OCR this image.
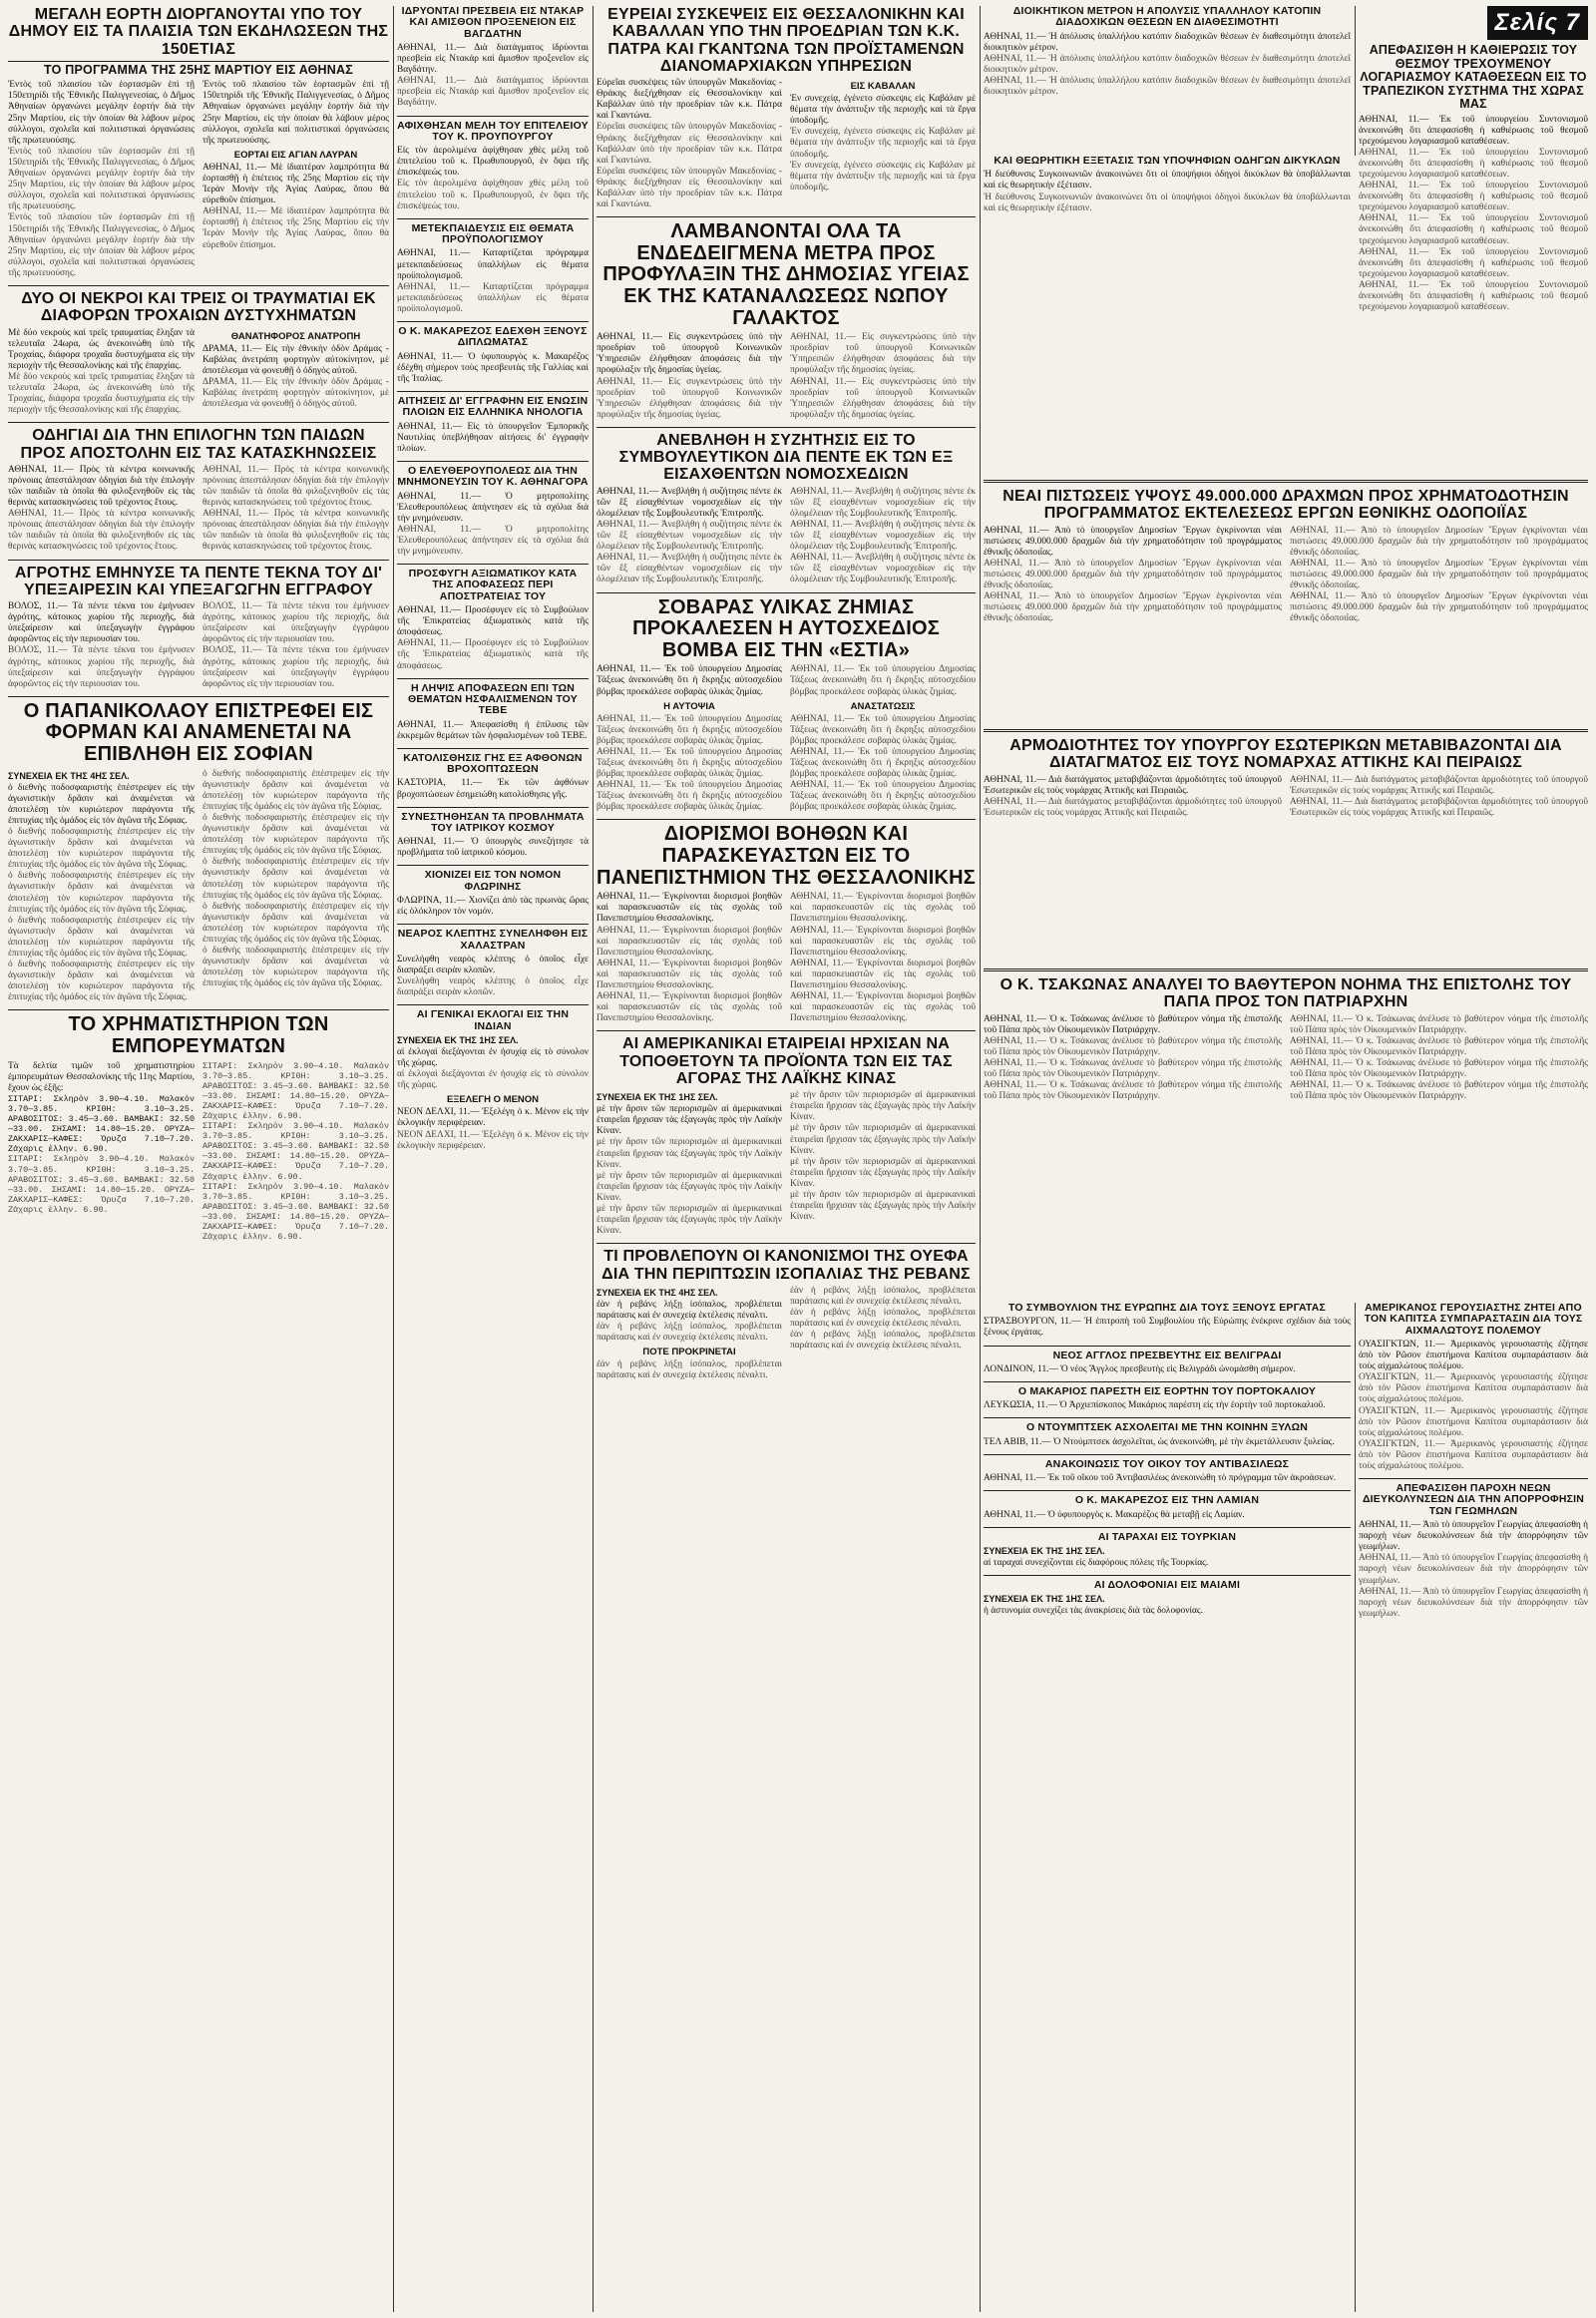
ΜΕΓΑΛΗ ΕΟΡΤΗ ΔΙΟΡΓΑΝΟΥΤΑΙ ΥΠΟ ΤΟΥ ΔΗΜΟΥ ΕΙΣ ΤΑ ΠΛΑΙΣΙΑ ΤΩΝ ΕΚΔΗΛΩΣΕΩΝ ΤΗΣ 150ΕΤΙΑΣ
ΤΟ ΠΡΟΓΡΑΜΜΑ ΤΗΣ 25ΗΣ ΜΑΡΤΙΟΥ ΕΙΣ ΑΘΗΝΑΣ

Ἐντὸς τοῦ πλαισίου τῶν ἑορτασμῶν ἐπὶ τῇ 150ετηρίδι τῆς Ἐθνικῆς Παλιγγενεσίας, ὁ Δῆμος Ἀθηναίων ὀργανώνει μεγάλην ἑορτήν διὰ τὴν 25ην Μαρτίου, εἰς τὴν ὁποίαν θὰ λάβουν μέρος σύλλογοι, σχολεῖα καὶ πολιτιστικαὶ ὀργανώσεις τῆς πρωτευούσης.

Ἐντὸς τοῦ πλαισίου τῶν ἑορτασμῶν ἐπὶ τῇ 150ετηρίδι τῆς Ἐθνικῆς Παλιγγενεσίας, ὁ Δῆμος Ἀθηναίων ὀργανώνει μεγάλην ἑορτήν διὰ τὴν 25ην Μαρτίου, εἰς τὴν ὁποίαν θὰ λάβουν μέρος σύλλογοι, σχολεῖα καὶ πολιτιστικαὶ ὀργανώσεις τῆς πρωτευούσης.

Ἐντὸς τοῦ πλαισίου τῶν ἑορτασμῶν ἐπὶ τῇ 150ετηρίδι τῆς Ἐθνικῆς Παλιγγενεσίας, ὁ Δῆμος Ἀθηναίων ὀργανώνει μεγάλην ἑορτήν διὰ τὴν 25ην Μαρτίου, εἰς τὴν ὁποίαν θὰ λάβουν μέρος σύλλογοι, σχολεῖα καὶ πολιτιστικαὶ ὀργανώσεις τῆς πρωτευούσης.

Ἐντὸς τοῦ πλαισίου τῶν ἑορτασμῶν ἐπὶ τῇ 150ετηρίδι τῆς Ἐθνικῆς Παλιγγενεσίας, ὁ Δῆμος Ἀθηναίων ὀργανώνει μεγάλην ἑορτήν διὰ τὴν 25ην Μαρτίου, εἰς τὴν ὁποίαν θὰ λάβουν μέρος σύλλογοι, σχολεῖα καὶ πολιτιστικαὶ ὀργανώσεις τῆς πρωτευούσης.

ΕΟΡΤΑΙ ΕΙΣ ΑΓΙΑΝ ΛΑΥΡΑΝ

ΑΘΗΝΑΙ, 11.— Μὲ ἰδιαιτέραν λαμπρότητα θὰ ἑορτασθῇ ἡ ἐπέτειος τῆς 25ης Μαρτίου εἰς τὴν Ἱερὰν Μονὴν τῆς Ἁγίας Λαύρας, ὅπου θὰ εὑρεθοῦν ἐπίσημοι.

ΑΘΗΝΑΙ, 11.— Μὲ ἰδιαιτέραν λαμπρότητα θὰ ἑορτασθῇ ἡ ἐπέτειος τῆς 25ης Μαρτίου εἰς τὴν Ἱερὰν Μονὴν τῆς Ἁγίας Λαύρας, ὅπου θὰ εὑρεθοῦν ἐπίσημοι.

ΔΥΟ ΟΙ ΝΕΚΡΟΙ ΚΑΙ ΤΡΕΙΣ ΟΙ ΤΡΑΥΜΑΤΙΑΙ ΕΚ ΔΙΑΦΟΡΩΝ ΤΡΟΧΑΙΩΝ ΔΥΣΤΥΧΗΜΑΤΩΝ

Μὲ δύο νεκροὺς καὶ τρεῖς τραυματίας ἔληξαν τὰ τελευταῖα 24ωρα, ὡς ἀνεκοινώθη ὑπὸ τῆς Τροχαίας, διάφορα τροχαῖα δυστυχήματα εἰς τὴν περιοχὴν τῆς Θεσσαλονίκης καὶ τῆς ἐπαρχίας.

Μὲ δύο νεκροὺς καὶ τρεῖς τραυματίας ἔληξαν τὰ τελευταῖα 24ωρα, ὡς ἀνεκοινώθη ὑπὸ τῆς Τροχαίας, διάφορα τροχαῖα δυστυχήματα εἰς τὴν περιοχὴν τῆς Θεσσαλονίκης καὶ τῆς ἐπαρχίας.

ΘΑΝΑΤΗΦΟΡΟΣ ΑΝΑΤΡΟΠΗ

ΔΡΑΜΑ, 11.— Εἰς τὴν ἐθνικὴν ὁδὸν Δράμας - Καβάλας ἀνετράπη φορτηγὸν αὐτοκίνητον, μὲ ἀποτέλεσμα νὰ φονευθῇ ὁ ὁδηγὸς αὐτοῦ.

ΔΡΑΜΑ, 11.— Εἰς τὴν ἐθνικὴν ὁδὸν Δράμας - Καβάλας ἀνετράπη φορτηγὸν αὐτοκίνητον, μὲ ἀποτέλεσμα νὰ φονευθῇ ὁ ὁδηγὸς αὐτοῦ.

ΟΔΗΓΙΑΙ ΔΙΑ ΤΗΝ ΕΠΙΛΟΓΗΝ ΤΩΝ ΠΑΙΔΩΝ ΠΡΟΣ ΑΠΟΣΤΟΛΗΝ ΕΙΣ ΤΑΣ ΚΑΤΑΣΚΗΝΩΣΕΙΣ

ΑΘΗΝΑΙ, 11.— Πρὸς τὰ κέντρα κοινωνικῆς πρόνοιας ἀπεστάλησαν ὁδηγίαι διὰ τὴν ἐπιλογὴν τῶν παιδιῶν τὰ ὁποῖα θὰ φιλοξενηθοῦν εἰς τὰς θερινὰς κατασκηνώσεις τοῦ τρέχοντος ἔτους.

ΑΘΗΝΑΙ, 11.— Πρὸς τὰ κέντρα κοινωνικῆς πρόνοιας ἀπεστάλησαν ὁδηγίαι διὰ τὴν ἐπιλογὴν τῶν παιδιῶν τὰ ὁποῖα θὰ φιλοξενηθοῦν εἰς τὰς θερινὰς κατασκηνώσεις τοῦ τρέχοντος ἔτους.

ΑΘΗΝΑΙ, 11.— Πρὸς τὰ κέντρα κοινωνικῆς πρόνοιας ἀπεστάλησαν ὁδηγίαι διὰ τὴν ἐπιλογὴν τῶν παιδιῶν τὰ ὁποῖα θὰ φιλοξενηθοῦν εἰς τὰς θερινὰς κατασκηνώσεις τοῦ τρέχοντος ἔτους.

ΑΘΗΝΑΙ, 11.— Πρὸς τὰ κέντρα κοινωνικῆς πρόνοιας ἀπεστάλησαν ὁδηγίαι διὰ τὴν ἐπιλογὴν τῶν παιδιῶν τὰ ὁποῖα θὰ φιλοξενηθοῦν εἰς τὰς θερινὰς κατασκηνώσεις τοῦ τρέχοντος ἔτους.

ΑΓΡΟΤΗΣ ΕΜΗΝΥΣΕ ΤΑ ΠΕΝΤΕ ΤΕΚΝΑ ΤΟΥ ΔΙ' ΥΠΕΞΑΙΡΕΣΙΝ ΚΑΙ ΥΠΕΞΑΓΩΓΗΝ ΕΓΓΡΑΦΟΥ

ΒΟΛΟΣ, 11.— Τὰ πέντε τέκνα του ἐμήνυσεν ἀγρότης, κάτοικος χωρίου τῆς περιοχῆς, διὰ ὑπεξαίρεσιν καὶ ὑπεξαγωγὴν ἐγγράφου ἀφορῶντος εἰς τὴν περιουσίαν του.

ΒΟΛΟΣ, 11.— Τὰ πέντε τέκνα του ἐμήνυσεν ἀγρότης, κάτοικος χωρίου τῆς περιοχῆς, διὰ ὑπεξαίρεσιν καὶ ὑπεξαγωγὴν ἐγγράφου ἀφορῶντος εἰς τὴν περιουσίαν του.

ΒΟΛΟΣ, 11.— Τὰ πέντε τέκνα του ἐμήνυσεν ἀγρότης, κάτοικος χωρίου τῆς περιοχῆς, διὰ ὑπεξαίρεσιν καὶ ὑπεξαγωγὴν ἐγγράφου ἀφορῶντος εἰς τὴν περιουσίαν του.

ΒΟΛΟΣ, 11.— Τὰ πέντε τέκνα του ἐμήνυσεν ἀγρότης, κάτοικος χωρίου τῆς περιοχῆς, διὰ ὑπεξαίρεσιν καὶ ὑπεξαγωγὴν ἐγγράφου ἀφορῶντος εἰς τὴν περιουσίαν του.

Ο ΠΑΠΑΝΙΚΟΛΑΟΥ ΕΠΙΣΤΡΕΦΕΙ ΕΙΣ ΦΟΡΜΑΝ ΚΑΙ ΑΝΑΜΕΝΕΤΑΙ ΝΑ ΕΠΙΒΛΗΘΗ ΕΙΣ ΣΟΦΙΑΝ
ΣΥΝΕΧΕΙΑ ΕΚ ΤΗΣ 4ΗΣ ΣΕΛ.

ὁ διεθνὴς ποδοσφαιριστὴς ἐπέστρεψεν εἰς τὴν ἀγωνιστικὴν δρᾶσιν καὶ ἀναμένεται νὰ ἀποτελέσῃ τὸν κυριώτερον παράγοντα τῆς ἐπιτυχίας τῆς ὁμάδος εἰς τὸν ἀγῶνα τῆς Σόφιας.

ὁ διεθνὴς ποδοσφαιριστὴς ἐπέστρεψεν εἰς τὴν ἀγωνιστικὴν δρᾶσιν καὶ ἀναμένεται νὰ ἀποτελέσῃ τὸν κυριώτερον παράγοντα τῆς ἐπιτυχίας τῆς ὁμάδος εἰς τὸν ἀγῶνα τῆς Σόφιας.

ὁ διεθνὴς ποδοσφαιριστὴς ἐπέστρεψεν εἰς τὴν ἀγωνιστικὴν δρᾶσιν καὶ ἀναμένεται νὰ ἀποτελέσῃ τὸν κυριώτερον παράγοντα τῆς ἐπιτυχίας τῆς ὁμάδος εἰς τὸν ἀγῶνα τῆς Σόφιας.

ὁ διεθνὴς ποδοσφαιριστὴς ἐπέστρεψεν εἰς τὴν ἀγωνιστικὴν δρᾶσιν καὶ ἀναμένεται νὰ ἀποτελέσῃ τὸν κυριώτερον παράγοντα τῆς ἐπιτυχίας τῆς ὁμάδος εἰς τὸν ἀγῶνα τῆς Σόφιας.

ὁ διεθνὴς ποδοσφαιριστὴς ἐπέστρεψεν εἰς τὴν ἀγωνιστικὴν δρᾶσιν καὶ ἀναμένεται νὰ ἀποτελέσῃ τὸν κυριώτερον παράγοντα τῆς ἐπιτυχίας τῆς ὁμάδος εἰς τὸν ἀγῶνα τῆς Σόφιας.

ὁ διεθνὴς ποδοσφαιριστὴς ἐπέστρεψεν εἰς τὴν ἀγωνιστικὴν δρᾶσιν καὶ ἀναμένεται νὰ ἀποτελέσῃ τὸν κυριώτερον παράγοντα τῆς ἐπιτυχίας τῆς ὁμάδος εἰς τὸν ἀγῶνα τῆς Σόφιας.

ὁ διεθνὴς ποδοσφαιριστὴς ἐπέστρεψεν εἰς τὴν ἀγωνιστικὴν δρᾶσιν καὶ ἀναμένεται νὰ ἀποτελέσῃ τὸν κυριώτερον παράγοντα τῆς ἐπιτυχίας τῆς ὁμάδος εἰς τὸν ἀγῶνα τῆς Σόφιας.

ὁ διεθνὴς ποδοσφαιριστὴς ἐπέστρεψεν εἰς τὴν ἀγωνιστικὴν δρᾶσιν καὶ ἀναμένεται νὰ ἀποτελέσῃ τὸν κυριώτερον παράγοντα τῆς ἐπιτυχίας τῆς ὁμάδος εἰς τὸν ἀγῶνα τῆς Σόφιας.

ὁ διεθνὴς ποδοσφαιριστὴς ἐπέστρεψεν εἰς τὴν ἀγωνιστικὴν δρᾶσιν καὶ ἀναμένεται νὰ ἀποτελέσῃ τὸν κυριώτερον παράγοντα τῆς ἐπιτυχίας τῆς ὁμάδος εἰς τὸν ἀγῶνα τῆς Σόφιας.

ὁ διεθνὴς ποδοσφαιριστὴς ἐπέστρεψεν εἰς τὴν ἀγωνιστικὴν δρᾶσιν καὶ ἀναμένεται νὰ ἀποτελέσῃ τὸν κυριώτερον παράγοντα τῆς ἐπιτυχίας τῆς ὁμάδος εἰς τὸν ἀγῶνα τῆς Σόφιας.

ΤΟ ΧΡΗΜΑΤΙΣΤΗΡΙΟΝ ΤΩΝ ΕΜΠΟΡΕΥΜΑΤΩΝ

Τὰ δελτία τιμῶν τοῦ χρηματιστηρίου ἐμπορευμάτων Θεσσαλονίκης τῆς 11ης Μαρτίου, ἔχουν ὡς ἑξῆς:

ΣΙΤΑΡΙ: Σκληρὸν 3.90—4.10. Μαλακὸν 3.70—3.85. ΚΡΙΘΗ: 3.10—3.25. ΑΡΑΒΟΣΙΤΟΣ: 3.45—3.60. ΒΑΜΒΑΚΙ: 32.50—33.00. ΣΗΣΑΜΙ: 14.80—15.20. ΟΡΥΖΑ—ΖΑΚΧΑΡΙΣ—ΚΑΦΕΣ: Ὁρυζα 7.10—7.20. Ζάχαρις ἑλλην. 6.90.

ΣΙΤΑΡΙ: Σκληρὸν 3.90—4.10. Μαλακὸν 3.70—3.85. ΚΡΙΘΗ: 3.10—3.25. ΑΡΑΒΟΣΙΤΟΣ: 3.45—3.60. ΒΑΜΒΑΚΙ: 32.50—33.00. ΣΗΣΑΜΙ: 14.80—15.20. ΟΡΥΖΑ—ΖΑΚΧΑΡΙΣ—ΚΑΦΕΣ: Ὁρυζα 7.10—7.20. Ζάχαρις ἑλλην. 6.90.

ΣΙΤΑΡΙ: Σκληρὸν 3.90—4.10. Μαλακὸν 3.70—3.85. ΚΡΙΘΗ: 3.10—3.25. ΑΡΑΒΟΣΙΤΟΣ: 3.45—3.60. ΒΑΜΒΑΚΙ: 32.50—33.00. ΣΗΣΑΜΙ: 14.80—15.20. ΟΡΥΖΑ—ΖΑΚΧΑΡΙΣ—ΚΑΦΕΣ: Ὁρυζα 7.10—7.20. Ζάχαρις ἑλλην. 6.90.

ΣΙΤΑΡΙ: Σκληρὸν 3.90—4.10. Μαλακὸν 3.70—3.85. ΚΡΙΘΗ: 3.10—3.25. ΑΡΑΒΟΣΙΤΟΣ: 3.45—3.60. ΒΑΜΒΑΚΙ: 32.50—33.00. ΣΗΣΑΜΙ: 14.80—15.20. ΟΡΥΖΑ—ΖΑΚΧΑΡΙΣ—ΚΑΦΕΣ: Ὁρυζα 7.10—7.20. Ζάχαρις ἑλλην. 6.90.

ΣΙΤΑΡΙ: Σκληρὸν 3.90—4.10. Μαλακὸν 3.70—3.85. ΚΡΙΘΗ: 3.10—3.25. ΑΡΑΒΟΣΙΤΟΣ: 3.45—3.60. ΒΑΜΒΑΚΙ: 32.50—33.00. ΣΗΣΑΜΙ: 14.80—15.20. ΟΡΥΖΑ—ΖΑΚΧΑΡΙΣ—ΚΑΦΕΣ: Ὁρυζα 7.10—7.20. Ζάχαρις ἑλλην. 6.90.

ΙΔΡΥΟΝΤΑΙ ΠΡΕΣΒΕΙΑ ΕΙΣ ΝΤΑΚΑΡ ΚΑΙ ΑΜΙΣΘΟΝ ΠΡΟΞΕΝΕΙΟΝ ΕΙΣ ΒΑΓΔΑΤΗΝ

ΑΘΗΝΑΙ, 11.— Διὰ διατάγματος ἱδρύονται πρεσβεία εἰς Ντακάρ καὶ ἄμισθον προξενεῖον εἰς Βαγδάτην.

ΑΘΗΝΑΙ, 11.— Διὰ διατάγματος ἱδρύονται πρεσβεία εἰς Ντακάρ καὶ ἄμισθον προξενεῖον εἰς Βαγδάτην.

ΑΦΙΧΘΗΣΑΝ ΜΕΛΗ ΤΟΥ ΕΠΙΤΕΛΕΙΟΥ ΤΟΥ Κ. ΠΡΟΥΠΟΥΡΓΟΥ

Εἰς τὸν ἀερολιμένα ἀφίχθησαν χθὲς μέλη τοῦ ἐπιτελείου τοῦ κ. Πρωθυπουργοῦ, ἐν ὄψει τῆς ἐπισκέψεώς του.

Εἰς τὸν ἀερολιμένα ἀφίχθησαν χθὲς μέλη τοῦ ἐπιτελείου τοῦ κ. Πρωθυπουργοῦ, ἐν ὄψει τῆς ἐπισκέψεώς του.

ΜΕΤΕΚΠΑΙΔΕΥΣΙΣ ΕΙΣ ΘΕΜΑΤΑ ΠΡΟΫΠΟΛΟΓΙΣΜΟΥ

ΑΘΗΝΑΙ, 11.— Καταρτίζεται πρόγραμμα μετεκπαιδεύσεως ὑπαλλήλων εἰς θέματα προϋπολογισμοῦ.

ΑΘΗΝΑΙ, 11.— Καταρτίζεται πρόγραμμα μετεκπαιδεύσεως ὑπαλλήλων εἰς θέματα προϋπολογισμοῦ.

Ο Κ. ΜΑΚΑΡΕΖΟΣ ΕΔΕΧΘΗ ΞΕΝΟΥΣ ΔΙΠΛΩΜΑΤΑΣ

ΑΘΗΝΑΙ, 11.— Ὁ ὑφυπουργὸς κ. Μακαρέζος ἐδέχθη σήμερον τοὺς πρεσβευτὰς τῆς Γαλλίας καὶ τῆς Ἰταλίας.

ΑΙΤΗΣΕΙΣ ΔΙ' ΕΓΓΡΑΦΗΝ ΕΙΣ ΕΝΩΣΙΝ ΠΛΟΙΩΝ ΕΙΣ ΕΛΛΗΝΙΚΑ ΝΗΟΛΟΓΙΑ

ΑΘΗΝΑΙ, 11.— Εἰς τὸ ὑπουργεῖον Ἐμπορικῆς Ναυτιλίας ὑπεβλήθησαν αἰτήσεις δι' ἐγγραφὴν πλοίων.

Ο ΕΛΕΥΘΕΡΟΥΠΟΛΕΩΣ ΔΙΑ ΤΗΝ ΜΝΗΜΟΝΕΥΣΙΝ ΤΟΥ Κ. ΑΘΗΝΑΓΟΡΑ

ΑΘΗΝΑΙ, 11.— Ὁ μητροπολίτης Ἐλευθερουπόλεως ἀπήντησεν εἰς τὰ σχόλια διὰ τὴν μνημόνευσιν.

ΑΘΗΝΑΙ, 11.— Ὁ μητροπολίτης Ἐλευθερουπόλεως ἀπήντησεν εἰς τὰ σχόλια διὰ τὴν μνημόνευσιν.

ΠΡΟΣΦΥΓΗ ΑΞΙΩΜΑΤΙΚΟΥ ΚΑΤΑ ΤΗΣ ΑΠΟΦΑΣΕΩΣ ΠΕΡΙ ΑΠΟΣΤΡΑΤΕΙΑΣ ΤΟΥ

ΑΘΗΝΑΙ, 11.— Προσέφυγεν εἰς τὸ Συμβούλιον τῆς Ἐπικρατείας ἀξιωματικὸς κατὰ τῆς ἀποφάσεως.

ΑΘΗΝΑΙ, 11.— Προσέφυγεν εἰς τὸ Συμβούλιον τῆς Ἐπικρατείας ἀξιωματικὸς κατὰ τῆς ἀποφάσεως.

Η ΛΗΨΙΣ ΑΠΟΦΑΣΕΩΝ ΕΠΙ ΤΩΝ ΘΕΜΑΤΩΝ ΗΣΦΑΛΙΣΜΕΝΩΝ ΤΟΥ ΤΕΒΕ

ΑΘΗΝΑΙ, 11.— Ἀπεφασίσθη ἡ ἐπίλυσις τῶν ἐκκρεμῶν θεμάτων τῶν ἠσφαλισμένων τοῦ ΤΕΒΕ.

ΚΑΤΟΛΙΣΘΗΣΙΣ ΓΗΣ ΕΞ ΑΦΘΟΝΩΝ ΒΡΟΧΟΠΤΩΣΕΩΝ

ΚΑΣΤΟΡΙΑ, 11.— Ἐκ τῶν ἀφθόνων βροχοπτώσεων ἐσημειώθη κατολίσθησις γῆς.

ΣΥΝΕΣΤΗΘΗΣΑΝ ΤΑ ΠΡΟΒΛΗΜΑΤΑ ΤΟΥ ΙΑΤΡΙΚΟΥ ΚΟΣΜΟΥ

ΑΘΗΝΑΙ, 11.— Ὁ ὑπουργὸς συνεζήτησε τὰ προβλήματα τοῦ ἰατρικοῦ κόσμου.

ΧΙΟΝΙΖΕΙ ΕΙΣ ΤΟΝ ΝΟΜΟΝ ΦΛΩΡΙΝΗΣ

ΦΛΩΡΙΝΑ, 11.— Χιονίζει ἀπὸ τὰς πρωινὰς ὥρας εἰς ὁλόκληρον τὸν νομόν.

ΝΕΑΡΟΣ ΚΛΕΠΤΗΣ ΣΥΝΕΛΗΦΘΗ ΕΙΣ ΧΑΛΑΣΤΡΑΝ

Συνελήφθη νεαρὸς κλέπτης ὁ ὁποῖος εἶχε διαπράξει σειρὰν κλοπῶν.

Συνελήφθη νεαρὸς κλέπτης ὁ ὁποῖος εἶχε διαπράξει σειρὰν κλοπῶν.

ΑΙ ΓΕΝΙΚΑΙ ΕΚΛΟΓΑΙ ΕΙΣ ΤΗΝ ΙΝΔΙΑΝ
ΣΥΝΕΧΕΙΑ ΕΚ ΤΗΣ 1ΗΣ ΣΕΛ.

αἱ ἐκλογαὶ διεξάγονται ἐν ἡσυχίᾳ εἰς τὸ σύνολον τῆς χώρας.

αἱ ἐκλογαὶ διεξάγονται ἐν ἡσυχίᾳ εἰς τὸ σύνολον τῆς χώρας.

ΕΞΕΛΕΓΗ Ο ΜΕΝΟΝ

ΝΕΟΝ ΔΕΛΧΙ, 11.— Ἐξελέγη ὁ κ. Μένον εἰς τὴν ἐκλογικὴν περιφέρειαν.

ΝΕΟΝ ΔΕΛΧΙ, 11.— Ἐξελέγη ὁ κ. Μένον εἰς τὴν ἐκλογικὴν περιφέρειαν.

ΕΥΡΕΙΑΙ ΣΥΣΚΕΨΕΙΣ ΕΙΣ ΘΕΣΣΑΛΟΝΙΚΗΝ ΚΑΙ ΚΑΒΑΛΛΑΝ ΥΠΟ ΤΗΝ ΠΡΟΕΔΡΙΑΝ ΤΩΝ Κ.Κ. ΠΑΤΡΑ ΚΑΙ ΓΚΑΝΤΩΝΑ ΤΩΝ ΠΡΟΪΣΤΑΜΕΝΩΝ ΔΙΑΝΟΜΑΡΧΙΑΚΩΝ ΥΠΗΡΕΣΙΩΝ

Εὐρεῖαι συσκέψεις τῶν ὑπουργῶν Μακεδονίας - Θράκης διεξήχθησαν εἰς Θεσσαλονίκην καὶ Καβάλλαν ὑπὸ τὴν προεδρίαν τῶν κ.κ. Πάτρα καὶ Γκαντώνα.

Εὐρεῖαι συσκέψεις τῶν ὑπουργῶν Μακεδονίας - Θράκης διεξήχθησαν εἰς Θεσσαλονίκην καὶ Καβάλλαν ὑπὸ τὴν προεδρίαν τῶν κ.κ. Πάτρα καὶ Γκαντώνα.

Εὐρεῖαι συσκέψεις τῶν ὑπουργῶν Μακεδονίας - Θράκης διεξήχθησαν εἰς Θεσσαλονίκην καὶ Καβάλλαν ὑπὸ τὴν προεδρίαν τῶν κ.κ. Πάτρα καὶ Γκαντώνα.

ΕΙΣ ΚΑΒΑΛΑΝ

Ἐν συνεχείᾳ, ἐγένετο σύσκεψις εἰς Καβάλαν μὲ θέματα τὴν ἀνάπτυξιν τῆς περιοχῆς καὶ τὰ ἔργα ὑποδομῆς.

Ἐν συνεχείᾳ, ἐγένετο σύσκεψις εἰς Καβάλαν μὲ θέματα τὴν ἀνάπτυξιν τῆς περιοχῆς καὶ τὰ ἔργα ὑποδομῆς.

Ἐν συνεχείᾳ, ἐγένετο σύσκεψις εἰς Καβάλαν μὲ θέματα τὴν ἀνάπτυξιν τῆς περιοχῆς καὶ τὰ ἔργα ὑποδομῆς.

ΛΑΜΒΑΝΟΝΤΑΙ ΟΛΑ ΤΑ ΕΝΔΕΔΕΙΓΜΕΝΑ ΜΕΤΡΑ ΠΡΟΣ ΠΡΟΦΥΛΑΞΙΝ ΤΗΣ ΔΗΜΟΣΙΑΣ ΥΓΕΙΑΣ ΕΚ ΤΗΣ ΚΑΤΑΝΑΛΩΣΕΩΣ ΝΩΠΟΥ ΓΑΛΑΚΤΟΣ

ΑΘΗΝΑΙ, 11.— Εἰς συγκεντρώσεις ὑπὸ τὴν προεδρίαν τοῦ ὑπουργοῦ Κοινωνικῶν Ὑπηρεσιῶν ἐλήφθησαν ἀποφάσεις διὰ τὴν προφύλαξιν τῆς δημοσίας ὑγείας.

ΑΘΗΝΑΙ, 11.— Εἰς συγκεντρώσεις ὑπὸ τὴν προεδρίαν τοῦ ὑπουργοῦ Κοινωνικῶν Ὑπηρεσιῶν ἐλήφθησαν ἀποφάσεις διὰ τὴν προφύλαξιν τῆς δημοσίας ὑγείας.

ΑΘΗΝΑΙ, 11.— Εἰς συγκεντρώσεις ὑπὸ τὴν προεδρίαν τοῦ ὑπουργοῦ Κοινωνικῶν Ὑπηρεσιῶν ἐλήφθησαν ἀποφάσεις διὰ τὴν προφύλαξιν τῆς δημοσίας ὑγείας.

ΑΘΗΝΑΙ, 11.— Εἰς συγκεντρώσεις ὑπὸ τὴν προεδρίαν τοῦ ὑπουργοῦ Κοινωνικῶν Ὑπηρεσιῶν ἐλήφθησαν ἀποφάσεις διὰ τὴν προφύλαξιν τῆς δημοσίας ὑγείας.

ΑΝΕΒΛΗΘΗ Η ΣΥΖΗΤΗΣΙΣ ΕΙΣ ΤΟ ΣΥΜΒΟΥΛΕΥΤΙΚΟΝ ΔΙΑ ΠΕΝΤΕ ΕΚ ΤΩΝ ΕΞ ΕΙΣΑΧΘΕΝΤΩΝ ΝΟΜΟΣΧΕΔΙΩΝ

ΑΘΗΝΑΙ, 11.— Ἀνεβλήθη ἡ συζήτησις πέντε ἐκ τῶν ἓξ εἰσαχθέντων νομοσχεδίων εἰς τὴν ὁλομέλειαν τῆς Συμβουλευτικῆς Ἐπιτροπῆς.

ΑΘΗΝΑΙ, 11.— Ἀνεβλήθη ἡ συζήτησις πέντε ἐκ τῶν ἓξ εἰσαχθέντων νομοσχεδίων εἰς τὴν ὁλομέλειαν τῆς Συμβουλευτικῆς Ἐπιτροπῆς.

ΑΘΗΝΑΙ, 11.— Ἀνεβλήθη ἡ συζήτησις πέντε ἐκ τῶν ἓξ εἰσαχθέντων νομοσχεδίων εἰς τὴν ὁλομέλειαν τῆς Συμβουλευτικῆς Ἐπιτροπῆς.

ΑΘΗΝΑΙ, 11.— Ἀνεβλήθη ἡ συζήτησις πέντε ἐκ τῶν ἓξ εἰσαχθέντων νομοσχεδίων εἰς τὴν ὁλομέλειαν τῆς Συμβουλευτικῆς Ἐπιτροπῆς.

ΑΘΗΝΑΙ, 11.— Ἀνεβλήθη ἡ συζήτησις πέντε ἐκ τῶν ἓξ εἰσαχθέντων νομοσχεδίων εἰς τὴν ὁλομέλειαν τῆς Συμβουλευτικῆς Ἐπιτροπῆς.

ΑΘΗΝΑΙ, 11.— Ἀνεβλήθη ἡ συζήτησις πέντε ἐκ τῶν ἓξ εἰσαχθέντων νομοσχεδίων εἰς τὴν ὁλομέλειαν τῆς Συμβουλευτικῆς Ἐπιτροπῆς.

ΣΟΒΑΡΑΣ ΥΛΙΚΑΣ ΖΗΜΙΑΣ ΠΡΟΚΑΛΕΣΕΝ Η ΑΥΤΟΣΧΕΔΙΟΣ ΒΟΜΒΑ ΕΙΣ ΤΗΝ «ΕΣΤΙΑ»

ΑΘΗΝΑΙ, 11.— Ἐκ τοῦ ὑπουργείου Δημοσίας Τάξεως ἀνεκοινώθη ὅτι ἡ ἔκρηξις αὐτοσχεδίου βόμβας προεκάλεσε σοβαρὰς ὑλικὰς ζημίας.

Η ΑΥΤΟΨΙΑ

ΑΘΗΝΑΙ, 11.— Ἐκ τοῦ ὑπουργείου Δημοσίας Τάξεως ἀνεκοινώθη ὅτι ἡ ἔκρηξις αὐτοσχεδίου βόμβας προεκάλεσε σοβαρὰς ὑλικὰς ζημίας.

ΑΘΗΝΑΙ, 11.— Ἐκ τοῦ ὑπουργείου Δημοσίας Τάξεως ἀνεκοινώθη ὅτι ἡ ἔκρηξις αὐτοσχεδίου βόμβας προεκάλεσε σοβαρὰς ὑλικὰς ζημίας.

ΑΘΗΝΑΙ, 11.— Ἐκ τοῦ ὑπουργείου Δημοσίας Τάξεως ἀνεκοινώθη ὅτι ἡ ἔκρηξις αὐτοσχεδίου βόμβας προεκάλεσε σοβαρὰς ὑλικὰς ζημίας.

ΑΘΗΝΑΙ, 11.— Ἐκ τοῦ ὑπουργείου Δημοσίας Τάξεως ἀνεκοινώθη ὅτι ἡ ἔκρηξις αὐτοσχεδίου βόμβας προεκάλεσε σοβαρὰς ὑλικὰς ζημίας.

ΑΝΑΣΤΑΤΩΣΙΣ

ΑΘΗΝΑΙ, 11.— Ἐκ τοῦ ὑπουργείου Δημοσίας Τάξεως ἀνεκοινώθη ὅτι ἡ ἔκρηξις αὐτοσχεδίου βόμβας προεκάλεσε σοβαρὰς ὑλικὰς ζημίας.

ΑΘΗΝΑΙ, 11.— Ἐκ τοῦ ὑπουργείου Δημοσίας Τάξεως ἀνεκοινώθη ὅτι ἡ ἔκρηξις αὐτοσχεδίου βόμβας προεκάλεσε σοβαρὰς ὑλικὰς ζημίας.

ΑΘΗΝΑΙ, 11.— Ἐκ τοῦ ὑπουργείου Δημοσίας Τάξεως ἀνεκοινώθη ὅτι ἡ ἔκρηξις αὐτοσχεδίου βόμβας προεκάλεσε σοβαρὰς ὑλικὰς ζημίας.

ΔΙΟΡΙΣΜΟΙ ΒΟΗΘΩΝ ΚΑΙ ΠΑΡΑΣΚΕΥΑΣΤΩΝ ΕΙΣ ΤΟ ΠΑΝΕΠΙΣΤΗΜΙΟΝ ΤΗΣ ΘΕΣΣΑΛΟΝΙΚΗΣ

ΑΘΗΝΑΙ, 11.— Ἐγκρίνονται διορισμοὶ βοηθῶν καὶ παρασκευαστῶν εἰς τὰς σχολὰς τοῦ Πανεπιστημίου Θεσσαλονίκης.

ΑΘΗΝΑΙ, 11.— Ἐγκρίνονται διορισμοὶ βοηθῶν καὶ παρασκευαστῶν εἰς τὰς σχολὰς τοῦ Πανεπιστημίου Θεσσαλονίκης.

ΑΘΗΝΑΙ, 11.— Ἐγκρίνονται διορισμοὶ βοηθῶν καὶ παρασκευαστῶν εἰς τὰς σχολὰς τοῦ Πανεπιστημίου Θεσσαλονίκης.

ΑΘΗΝΑΙ, 11.— Ἐγκρίνονται διορισμοὶ βοηθῶν καὶ παρασκευαστῶν εἰς τὰς σχολὰς τοῦ Πανεπιστημίου Θεσσαλονίκης.

ΑΘΗΝΑΙ, 11.— Ἐγκρίνονται διορισμοὶ βοηθῶν καὶ παρασκευαστῶν εἰς τὰς σχολὰς τοῦ Πανεπιστημίου Θεσσαλονίκης.

ΑΘΗΝΑΙ, 11.— Ἐγκρίνονται διορισμοὶ βοηθῶν καὶ παρασκευαστῶν εἰς τὰς σχολὰς τοῦ Πανεπιστημίου Θεσσαλονίκης.

ΑΘΗΝΑΙ, 11.— Ἐγκρίνονται διορισμοὶ βοηθῶν καὶ παρασκευαστῶν εἰς τὰς σχολὰς τοῦ Πανεπιστημίου Θεσσαλονίκης.

ΑΘΗΝΑΙ, 11.— Ἐγκρίνονται διορισμοὶ βοηθῶν καὶ παρασκευαστῶν εἰς τὰς σχολὰς τοῦ Πανεπιστημίου Θεσσαλονίκης.

ΑΙ ΑΜΕΡΙΚΑΝΙΚΑΙ ΕΤΑΙΡΕΙΑΙ ΗΡΧΙΣΑΝ ΝΑ ΤΟΠΟΘΕΤΟΥΝ ΤΑ ΠΡΟΪΟΝΤΑ ΤΩΝ ΕΙΣ ΤΑΣ ΑΓΟΡΑΣ ΤΗΣ ΛΑΪΚΗΣ ΚΙΝΑΣ
ΣΥΝΕΧΕΙΑ ΕΚ ΤΗΣ 1ΗΣ ΣΕΛ.

μὲ τὴν ἄρσιν τῶν περιορισμῶν αἱ ἀμερικανικαὶ ἑταιρεῖαι ἤρχισαν τὰς ἐξαγωγὰς πρὸς τὴν Λαϊκὴν Κίναν.

μὲ τὴν ἄρσιν τῶν περιορισμῶν αἱ ἀμερικανικαὶ ἑταιρεῖαι ἤρχισαν τὰς ἐξαγωγὰς πρὸς τὴν Λαϊκὴν Κίναν.

μὲ τὴν ἄρσιν τῶν περιορισμῶν αἱ ἀμερικανικαὶ ἑταιρεῖαι ἤρχισαν τὰς ἐξαγωγὰς πρὸς τὴν Λαϊκὴν Κίναν.

μὲ τὴν ἄρσιν τῶν περιορισμῶν αἱ ἀμερικανικαὶ ἑταιρεῖαι ἤρχισαν τὰς ἐξαγωγὰς πρὸς τὴν Λαϊκὴν Κίναν.

μὲ τὴν ἄρσιν τῶν περιορισμῶν αἱ ἀμερικανικαὶ ἑταιρεῖαι ἤρχισαν τὰς ἐξαγωγὰς πρὸς τὴν Λαϊκὴν Κίναν.

μὲ τὴν ἄρσιν τῶν περιορισμῶν αἱ ἀμερικανικαὶ ἑταιρεῖαι ἤρχισαν τὰς ἐξαγωγὰς πρὸς τὴν Λαϊκὴν Κίναν.

μὲ τὴν ἄρσιν τῶν περιορισμῶν αἱ ἀμερικανικαὶ ἑταιρεῖαι ἤρχισαν τὰς ἐξαγωγὰς πρὸς τὴν Λαϊκὴν Κίναν.

μὲ τὴν ἄρσιν τῶν περιορισμῶν αἱ ἀμερικανικαὶ ἑταιρεῖαι ἤρχισαν τὰς ἐξαγωγὰς πρὸς τὴν Λαϊκὴν Κίναν.

ΤΙ ΠΡΟΒΛΕΠΟΥΝ ΟΙ ΚΑΝΟΝΙΣΜΟΙ ΤΗΣ ΟΥΕΦΑ ΔΙΑ ΤΗΝ ΠΕΡΙΠΤΩΣΙΝ ΙΣΟΠΑΛΙΑΣ ΤΗΣ ΡΕΒΑΝΣ
ΣΥΝΕΧΕΙΑ ΕΚ ΤΗΣ 4ΗΣ ΣΕΛ.

ἐὰν ἡ ρεβάνς λήξῃ ἰσόπαλος, προβλέπεται παράτασις καὶ ἐν συνεχείᾳ ἐκτέλεσις πέναλτι.

ἐὰν ἡ ρεβάνς λήξῃ ἰσόπαλος, προβλέπεται παράτασις καὶ ἐν συνεχείᾳ ἐκτέλεσις πέναλτι.

ΠΟΤΕ ΠΡΟΚΡΙΝΕΤΑΙ

ἐὰν ἡ ρεβάνς λήξῃ ἰσόπαλος, προβλέπεται παράτασις καὶ ἐν συνεχείᾳ ἐκτέλεσις πέναλτι.

ἐὰν ἡ ρεβάνς λήξῃ ἰσόπαλος, προβλέπεται παράτασις καὶ ἐν συνεχείᾳ ἐκτέλεσις πέναλτι.

ἐὰν ἡ ρεβάνς λήξῃ ἰσόπαλος, προβλέπεται παράτασις καὶ ἐν συνεχείᾳ ἐκτέλεσις πέναλτι.

ἐὰν ἡ ρεβάνς λήξῃ ἰσόπαλος, προβλέπεται παράτασις καὶ ἐν συνεχείᾳ ἐκτέλεσις πέναλτι.

ΔΙΟΙΚΗΤΙΚΟΝ ΜΕΤΡΟΝ Η ΑΠΟΛΥΣΙΣ ΥΠΑΛΛΗΛΟΥ ΚΑΤΟΠΙΝ ΔΙΑΔΟΧΙΚΩΝ ΘΕΣΕΩΝ ΕΝ ΔΙΑΘΕΣΙΜΟΤΗΤΙ

ΑΘΗΝΑΙ, 11.— Ἡ ἀπόλυσις ὑπαλλήλου κατόπιν διαδοχικῶν θέσεων ἐν διαθεσιμότητι ἀποτελεῖ διοικητικὸν μέτρον.

ΑΘΗΝΑΙ, 11.— Ἡ ἀπόλυσις ὑπαλλήλου κατόπιν διαδοχικῶν θέσεων ἐν διαθεσιμότητι ἀποτελεῖ διοικητικὸν μέτρον.

ΑΘΗΝΑΙ, 11.— Ἡ ἀπόλυσις ὑπαλλήλου κατόπιν διαδοχικῶν θέσεων ἐν διαθεσιμότητι ἀποτελεῖ διοικητικὸν μέτρον.

Σελίς 7
ΑΠΕΦΑΣΙΣΘΗ Η ΚΑΘΙΕΡΩΣΙΣ ΤΟΥ ΘΕΣΜΟΥ ΤΡΕΧΟΥΜΕΝΟΥ ΛΟΓΑΡΙΑΣΜΟΥ ΚΑΤΑΘΕΣΕΩΝ ΕΙΣ ΤΟ ΤΡΑΠΕΖΙΚΟΝ ΣΥΣΤΗΜΑ ΤΗΣ ΧΩΡΑΣ ΜΑΣ

ΑΘΗΝΑΙ, 11.— Ἐκ τοῦ ὑπουργείου Συντονισμοῦ ἀνεκοινώθη ὅτι ἀπεφασίσθη ἡ καθιέρωσις τοῦ θεσμοῦ τρεχούμενου λογαριασμοῦ καταθέσεων.

ΑΘΗΝΑΙ, 11.— Ἐκ τοῦ ὑπουργείου Συντονισμοῦ ἀνεκοινώθη ὅτι ἀπεφασίσθη ἡ καθιέρωσις τοῦ θεσμοῦ τρεχούμενου λογαριασμοῦ καταθέσεων.

ΑΘΗΝΑΙ, 11.— Ἐκ τοῦ ὑπουργείου Συντονισμοῦ ἀνεκοινώθη ὅτι ἀπεφασίσθη ἡ καθιέρωσις τοῦ θεσμοῦ τρεχούμενου λογαριασμοῦ καταθέσεων.

ΑΘΗΝΑΙ, 11.— Ἐκ τοῦ ὑπουργείου Συντονισμοῦ ἀνεκοινώθη ὅτι ἀπεφασίσθη ἡ καθιέρωσις τοῦ θεσμοῦ τρεχούμενου λογαριασμοῦ καταθέσεων.

ΑΘΗΝΑΙ, 11.— Ἐκ τοῦ ὑπουργείου Συντονισμοῦ ἀνεκοινώθη ὅτι ἀπεφασίσθη ἡ καθιέρωσις τοῦ θεσμοῦ τρεχούμενου λογαριασμοῦ καταθέσεων.

ΑΘΗΝΑΙ, 11.— Ἐκ τοῦ ὑπουργείου Συντονισμοῦ ἀνεκοινώθη ὅτι ἀπεφασίσθη ἡ καθιέρωσις τοῦ θεσμοῦ τρεχούμενου λογαριασμοῦ καταθέσεων.

ΚΑΙ ΘΕΩΡΗΤΙΚΗ ΕΞΕΤΑΣΙΣ ΤΩΝ ΥΠΟΨΗΦΙΩΝ ΟΔΗΓΩΝ ΔΙΚΥΚΛΩΝ

Ἡ διεύθυνσις Συγκοινωνιῶν ἀνακοινώνει ὅτι οἱ ὑποψήφιοι ὁδηγοὶ δικύκλων θὰ ὑποβάλλωνται καὶ εἰς θεωρητικὴν ἐξέτασιν.

Ἡ διεύθυνσις Συγκοινωνιῶν ἀνακοινώνει ὅτι οἱ ὑποψήφιοι ὁδηγοὶ δικύκλων θὰ ὑποβάλλωνται καὶ εἰς θεωρητικὴν ἐξέτασιν.

ΝΕΑΙ ΠΙΣΤΩΣΕΙΣ ΥΨΟΥΣ 49.000.000 ΔΡΑΧΜΩΝ ΠΡΟΣ ΧΡΗΜΑΤΟΔΟΤΗΣΙΝ ΠΡΟΓΡΑΜΜΑΤΟΣ ΕΚΤΕΛΕΣΕΩΣ ΕΡΓΩΝ ΕΘΝΙΚΗΣ ΟΔΟΠΟΙΪΑΣ

ΑΘΗΝΑΙ, 11.— Ἀπὸ τὸ ὑπουργεῖον Δημοσίων Ἔργων ἐγκρίνονται νέαι πιστώσεις 49.000.000 δραχμῶν διὰ τὴν χρηματοδότησιν τοῦ προγράμματος ἐθνικῆς ὁδοποιΐας.

ΑΘΗΝΑΙ, 11.— Ἀπὸ τὸ ὑπουργεῖον Δημοσίων Ἔργων ἐγκρίνονται νέαι πιστώσεις 49.000.000 δραχμῶν διὰ τὴν χρηματοδότησιν τοῦ προγράμματος ἐθνικῆς ὁδοποιΐας.

ΑΘΗΝΑΙ, 11.— Ἀπὸ τὸ ὑπουργεῖον Δημοσίων Ἔργων ἐγκρίνονται νέαι πιστώσεις 49.000.000 δραχμῶν διὰ τὴν χρηματοδότησιν τοῦ προγράμματος ἐθνικῆς ὁδοποιΐας.

ΑΘΗΝΑΙ, 11.— Ἀπὸ τὸ ὑπουργεῖον Δημοσίων Ἔργων ἐγκρίνονται νέαι πιστώσεις 49.000.000 δραχμῶν διὰ τὴν χρηματοδότησιν τοῦ προγράμματος ἐθνικῆς ὁδοποιΐας.

ΑΘΗΝΑΙ, 11.— Ἀπὸ τὸ ὑπουργεῖον Δημοσίων Ἔργων ἐγκρίνονται νέαι πιστώσεις 49.000.000 δραχμῶν διὰ τὴν χρηματοδότησιν τοῦ προγράμματος ἐθνικῆς ὁδοποιΐας.

ΑΘΗΝΑΙ, 11.— Ἀπὸ τὸ ὑπουργεῖον Δημοσίων Ἔργων ἐγκρίνονται νέαι πιστώσεις 49.000.000 δραχμῶν διὰ τὴν χρηματοδότησιν τοῦ προγράμματος ἐθνικῆς ὁδοποιΐας.

ΑΡΜΟΔΙΟΤΗΤΕΣ ΤΟΥ ΥΠΟΥΡΓΟΥ ΕΣΩΤΕΡΙΚΩΝ ΜΕΤΑΒΙΒΑΖΟΝΤΑΙ ΔΙΑ ΔΙΑΤΑΓΜΑΤΟΣ ΕΙΣ ΤΟΥΣ ΝΟΜΑΡΧΑΣ ΑΤΤΙΚΗΣ ΚΑΙ ΠΕΙΡΑΙΩΣ

ΑΘΗΝΑΙ, 11.— Διὰ διατάγματος μεταβιβάζονται ἁρμοδιότητες τοῦ ὑπουργοῦ Ἐσωτερικῶν εἰς τοὺς νομάρχας Ἀττικῆς καὶ Πειραιῶς.

ΑΘΗΝΑΙ, 11.— Διὰ διατάγματος μεταβιβάζονται ἁρμοδιότητες τοῦ ὑπουργοῦ Ἐσωτερικῶν εἰς τοὺς νομάρχας Ἀττικῆς καὶ Πειραιῶς.

ΑΘΗΝΑΙ, 11.— Διὰ διατάγματος μεταβιβάζονται ἁρμοδιότητες τοῦ ὑπουργοῦ Ἐσωτερικῶν εἰς τοὺς νομάρχας Ἀττικῆς καὶ Πειραιῶς.

ΑΘΗΝΑΙ, 11.— Διὰ διατάγματος μεταβιβάζονται ἁρμοδιότητες τοῦ ὑπουργοῦ Ἐσωτερικῶν εἰς τοὺς νομάρχας Ἀττικῆς καὶ Πειραιῶς.

Ο Κ. ΤΣΑΚΩΝΑΣ ΑΝΑΛΥΕΙ ΤΟ ΒΑΘΥΤΕΡΟΝ ΝΟΗΜΑ ΤΗΣ ΕΠΙΣΤΟΛΗΣ ΤΟΥ ΠΑΠΑ ΠΡΟΣ ΤΟΝ ΠΑΤΡΙΑΡΧΗΝ

ΑΘΗΝΑΙ, 11.— Ὁ κ. Τσάκωνας ἀνέλυσε τὸ βαθύτερον νόημα τῆς ἐπιστολῆς τοῦ Πάπα πρὸς τὸν Οἰκουμενικὸν Πατριάρχην.

ΑΘΗΝΑΙ, 11.— Ὁ κ. Τσάκωνας ἀνέλυσε τὸ βαθύτερον νόημα τῆς ἐπιστολῆς τοῦ Πάπα πρὸς τὸν Οἰκουμενικὸν Πατριάρχην.

ΑΘΗΝΑΙ, 11.— Ὁ κ. Τσάκωνας ἀνέλυσε τὸ βαθύτερον νόημα τῆς ἐπιστολῆς τοῦ Πάπα πρὸς τὸν Οἰκουμενικὸν Πατριάρχην.

ΑΘΗΝΑΙ, 11.— Ὁ κ. Τσάκωνας ἀνέλυσε τὸ βαθύτερον νόημα τῆς ἐπιστολῆς τοῦ Πάπα πρὸς τὸν Οἰκουμενικὸν Πατριάρχην.

ΑΘΗΝΑΙ, 11.— Ὁ κ. Τσάκωνας ἀνέλυσε τὸ βαθύτερον νόημα τῆς ἐπιστολῆς τοῦ Πάπα πρὸς τὸν Οἰκουμενικὸν Πατριάρχην.

ΑΘΗΝΑΙ, 11.— Ὁ κ. Τσάκωνας ἀνέλυσε τὸ βαθύτερον νόημα τῆς ἐπιστολῆς τοῦ Πάπα πρὸς τὸν Οἰκουμενικὸν Πατριάρχην.

ΑΘΗΝΑΙ, 11.— Ὁ κ. Τσάκωνας ἀνέλυσε τὸ βαθύτερον νόημα τῆς ἐπιστολῆς τοῦ Πάπα πρὸς τὸν Οἰκουμενικὸν Πατριάρχην.

ΑΘΗΝΑΙ, 11.— Ὁ κ. Τσάκωνας ἀνέλυσε τὸ βαθύτερον νόημα τῆς ἐπιστολῆς τοῦ Πάπα πρὸς τὸν Οἰκουμενικὸν Πατριάρχην.

ΤΟ ΣΥΜΒΟΥΛΙΟΝ ΤΗΣ ΕΥΡΩΠΗΣ ΔΙΑ ΤΟΥΣ ΞΕΝΟΥΣ ΕΡΓΑΤΑΣ

ΣΤΡΑΣΒΟΥΡΓΟΝ, 11.— Ἡ ἐπιτροπὴ τοῦ Συμβουλίου τῆς Εὐρώπης ἐνέκρινε σχέδιον διὰ τοὺς ξένους ἐργάτας.

ΝΕΟΣ ΑΓΓΛΟΣ ΠΡΕΣΒΕΥΤΗΣ ΕΙΣ ΒΕΛΙΓΡΑΔΙ

ΛΟΝΔΙΝΟΝ, 11.— Ὁ νέος Ἄγγλος πρεσβευτὴς εἰς Βελιγράδι ὠνομάσθη σήμερον.

Ο ΜΑΚΑΡΙΟΣ ΠΑΡΕΣΤΗ ΕΙΣ ΕΟΡΤΗΝ ΤΟΥ ΠΟΡΤΟΚΑΛΙΟΥ

ΛΕΥΚΩΣΙΑ, 11.— Ὁ Ἀρχιεπίσκοπος Μακάριος παρέστη εἰς τὴν ἑορτὴν τοῦ πορτοκαλιοῦ.

Ο ΝΤΟΥΜΠΤΣΕΚ ΑΣΧΟΛΕΙΤΑΙ ΜΕ ΤΗΝ ΚΟΙΝΗΝ ΞΥΛΩΝ

ΤΕΛ ΑΒΙΒ, 11.— Ὁ Ντούμπτσεκ ἀσχολεῖται, ὡς ἀνεκοινώθη, μὲ τὴν ἐκμετάλλευσιν ξυλείας.

ΑΝΑΚΟΙΝΩΣΙΣ ΤΟΥ ΟΙΚΟΥ ΤΟΥ ΑΝΤΙΒΑΣΙΛΕΩΣ

ΑΘΗΝΑΙ, 11.— Ἐκ τοῦ οἴκου τοῦ Ἀντιβασιλέως ἀνεκοινώθη τὸ πρόγραμμα τῶν ἀκροάσεων.

Ο Κ. ΜΑΚΑΡΕΖΟΣ ΕΙΣ ΤΗΝ ΛΑΜΙΑΝ

ΑΘΗΝΑΙ, 11.— Ὁ ὑφυπουργὸς κ. Μακαρέζος θὰ μεταβῇ εἰς Λαμίαν.

ΑΙ ΤΑΡΑΧΑΙ ΕΙΣ ΤΟΥΡΚΙΑΝ
ΣΥΝΕΧΕΙΑ ΕΚ ΤΗΣ 1ΗΣ ΣΕΛ.

αἱ ταραχαὶ συνεχίζονται εἰς διαφόρους πόλεις τῆς Τουρκίας.

ΑΙ ΔΟΛΟΦΟΝΙΑΙ ΕΙΣ ΜΑΙΑΜΙ
ΣΥΝΕΧΕΙΑ ΕΚ ΤΗΣ 1ΗΣ ΣΕΛ.

ἡ ἀστυνομία συνεχίζει τὰς ἀνακρίσεις διὰ τὰς δολοφονίας.

ΑΜΕΡΙΚΑΝΟΣ ΓΕΡΟΥΣΙΑΣΤΗΣ ΖΗΤΕΙ ΑΠΟ ΤΟΝ ΚΑΠΙΤΣΑ ΣΥΜΠΑΡΑΣΤΑΣΙΝ ΔΙΑ ΤΟΥΣ ΑΙΧΜΑΛΩΤΟΥΣ ΠΟΛΕΜΟΥ

ΟΥΑΣΙΓΚΤΩΝ, 11.— Ἀμερικανὸς γερουσιαστὴς ἐζήτησε ἀπὸ τὸν Ρῶσον ἐπιστήμονα Καπίτσα συμπαράστασιν διὰ τοὺς αἰχμαλώτους πολέμου.

ΟΥΑΣΙΓΚΤΩΝ, 11.— Ἀμερικανὸς γερουσιαστὴς ἐζήτησε ἀπὸ τὸν Ρῶσον ἐπιστήμονα Καπίτσα συμπαράστασιν διὰ τοὺς αἰχμαλώτους πολέμου.

ΟΥΑΣΙΓΚΤΩΝ, 11.— Ἀμερικανὸς γερουσιαστὴς ἐζήτησε ἀπὸ τὸν Ρῶσον ἐπιστήμονα Καπίτσα συμπαράστασιν διὰ τοὺς αἰχμαλώτους πολέμου.

ΟΥΑΣΙΓΚΤΩΝ, 11.— Ἀμερικανὸς γερουσιαστὴς ἐζήτησε ἀπὸ τὸν Ρῶσον ἐπιστήμονα Καπίτσα συμπαράστασιν διὰ τοὺς αἰχμαλώτους πολέμου.

ΑΠΕΦΑΣΙΣΘΗ ΠΑΡΟΧΗ ΝΕΩΝ ΔΙΕΥΚΟΛΥΝΣΕΩΝ ΔΙΑ ΤΗΝ ΑΠΟΡΡΟΦΗΣΙΝ ΤΩΝ ΓΕΩΜΗΛΩΝ

ΑΘΗΝΑΙ, 11.— Ἀπὸ τὸ ὑπουργεῖον Γεωργίας ἀπεφασίσθη ἡ παροχὴ νέων διευκολύνσεων διὰ τὴν ἀπορρόφησιν τῶν γεωμήλων.

ΑΘΗΝΑΙ, 11.— Ἀπὸ τὸ ὑπουργεῖον Γεωργίας ἀπεφασίσθη ἡ παροχὴ νέων διευκολύνσεων διὰ τὴν ἀπορρόφησιν τῶν γεωμήλων.

ΑΘΗΝΑΙ, 11.— Ἀπὸ τὸ ὑπουργεῖον Γεωργίας ἀπεφασίσθη ἡ παροχὴ νέων διευκολύνσεων διὰ τὴν ἀπορρόφησιν τῶν γεωμήλων.
